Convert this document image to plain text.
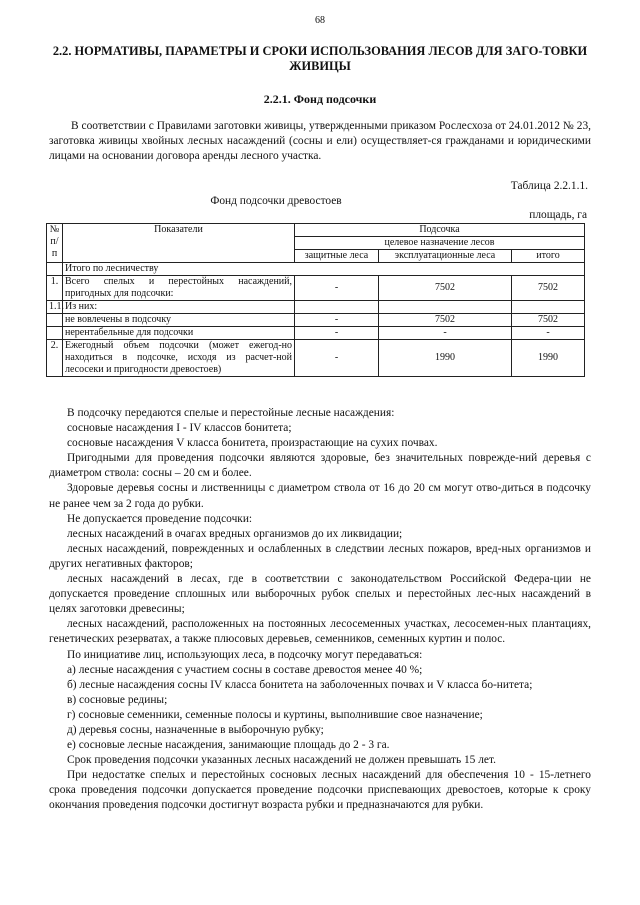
68
2.2. НОРМАТИВЫ, ПАРАМЕТРЫ И СРОКИ ИСПОЛЬЗОВАНИЯ ЛЕСОВ ДЛЯ ЗАГО-ТОВКИ ЖИВИЦЫ
2.2.1. Фонд подсочки

В соответствии с Правилами заготовки живицы, утвержденными приказом Рослесхоза от 24.01.2012 № 23, заготовка живицы хвойных лесных насаждений (сосны и ели) осуществляет-ся гражданами и юридическими лицами на основании договора аренды лесного участка.

Таблица 2.2.1.1.
Фонд подсочки древостоев
площадь, га
№ п/п	Показатели	Подсочка		
		целевое назначение лесов		
		защитные леса	эксплуатационные леса	итого
	Итого по лесничеству			
1.	Всего спелых и перестойных насаждений, пригодных для подсочки:	-	7502	7502
1.1.	Из них:			
	не вовлечены в подсочку	-	7502	7502
	нерентабельные для подсочки	-	-	-
2.	Ежегодный объем подсочки (может ежегод-но находиться в подсочке, исходя из расчет-ной лесосеки и пригодности древостоев)	-	1990	1990

В подсочку передаются спелые и перестойные лесные насаждения:

сосновые насаждения I - IV классов бонитета;

сосновые насаждения V класса бонитета, произрастающие на сухих почвах.

Пригодными для проведения подсочки являются здоровые, без значительных поврежде-ний деревья с диаметром ствола: сосны – 20 см и более.

Здоровые деревья сосны и лиственницы с диаметром ствола от 16 до 20 см могут отво-диться в подсочку не ранее чем за 2 года до рубки.

Не допускается проведение подсочки:

лесных насаждений в очагах вредных организмов до их ликвидации;

лесных насаждений, поврежденных и ослабленных в следствии лесных пожаров, вред-ных организмов и других негативных факторов;

лесных насаждений в лесах, где в соответствии с законодательством Российской Федера-ции не допускается проведение сплошных или выборочных рубок спелых и перестойных лес-ных насаждений в целях заготовки древесины;

лесных насаждений, расположенных на постоянных лесосеменных участках, лесосемен-ных плантациях, генетических резерватах, а также плюсовых деревьев, семенников, семенных куртин и полос.

По инициативе лиц, использующих леса, в подсочку могут передаваться:

а) лесные насаждения с участием сосны в составе древостоя менее 40 %;

б) лесные насаждения сосны IV класса бонитета на заболоченных почвах и V класса бо-нитета;

в) сосновые редины;

г) сосновые семенники, семенные полосы и куртины, выполнившие свое назначение;

д) деревья сосны, назначенные в выборочную рубку;

е) сосновые лесные насаждения, занимающие площадь до 2 - 3 га.

Срок проведения подсочки указанных лесных насаждений не должен превышать 15 лет.

При недостатке спелых и перестойных сосновых лесных насаждений для обеспечения 10 - 15-летнего срока проведения подсочки допускается проведение подсочки приспевающих древостоев, которые к сроку окончания проведения подсочки достигнут возраста рубки и предназначаются для рубки.
